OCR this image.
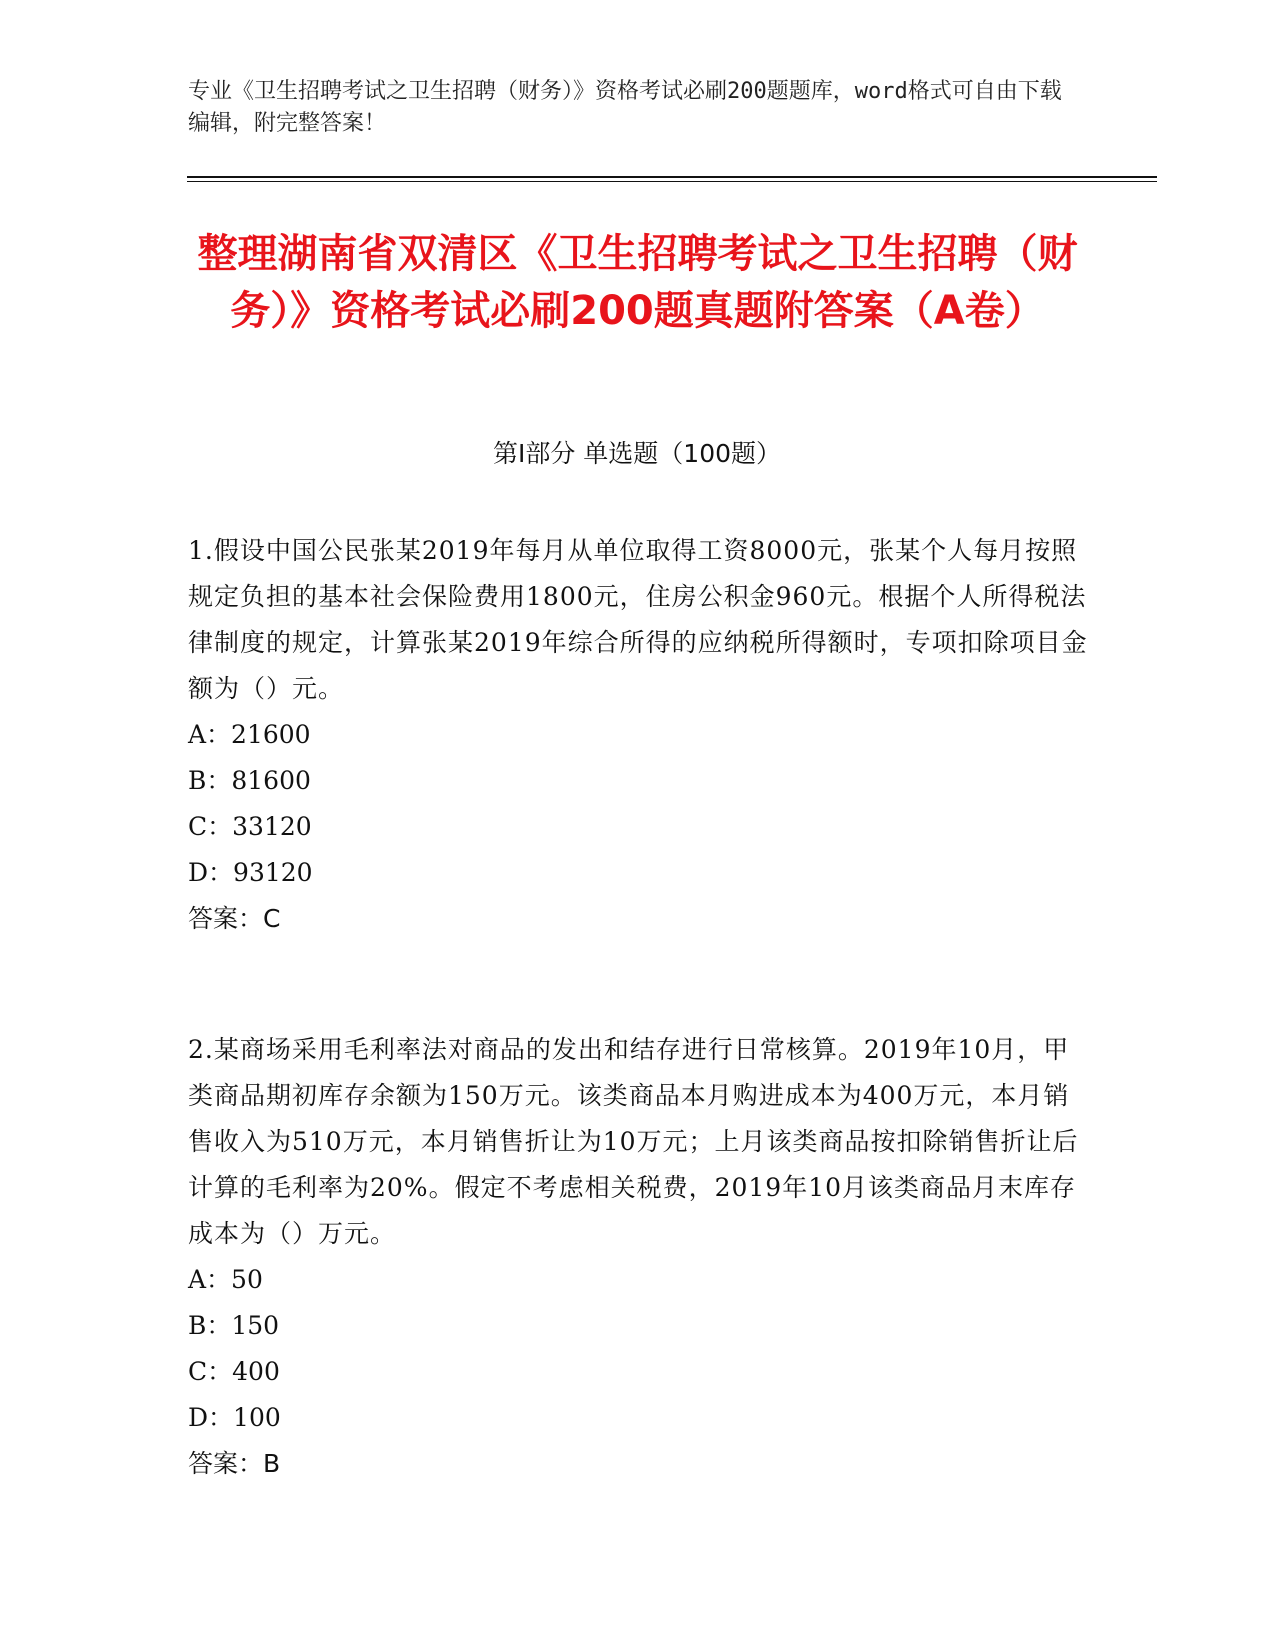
专业《卫生招聘考试之卫生招聘（财务）》资格考试必刷200题题库，word格式可自由下载编辑，附完整答案！
整理湖南省双清区《卫生招聘考试之卫生招聘（财务）》资格考试必刷200题真题附答案（A卷）
第I部分 单选题（100题）
1.假设中国公民张某2019年每月从单位取得工资8000元，张某个人每月按照规定负担的基本社会保险费用1800元，住房公积金960元。根据个人所得税法律制度的规定，计算张某2019年综合所得的应纳税所得额时，专项扣除项目金额为（）元。
A：21600
B：81600
C：33120
D：93120
答案：C
2.某商场采用毛利率法对商品的发出和结存进行日常核算。2019年10月，甲类商品期初库存余额为150万元。该类商品本月购进成本为400万元，本月销售收入为510万元，本月销售折让为10万元；上月该类商品按扣除销售折让后计算的毛利率为20%。假定不考虑相关税费，2019年10月该类商品月末库存成本为（）万元。
A：50
B：150
C：400
D：100
答案：B
